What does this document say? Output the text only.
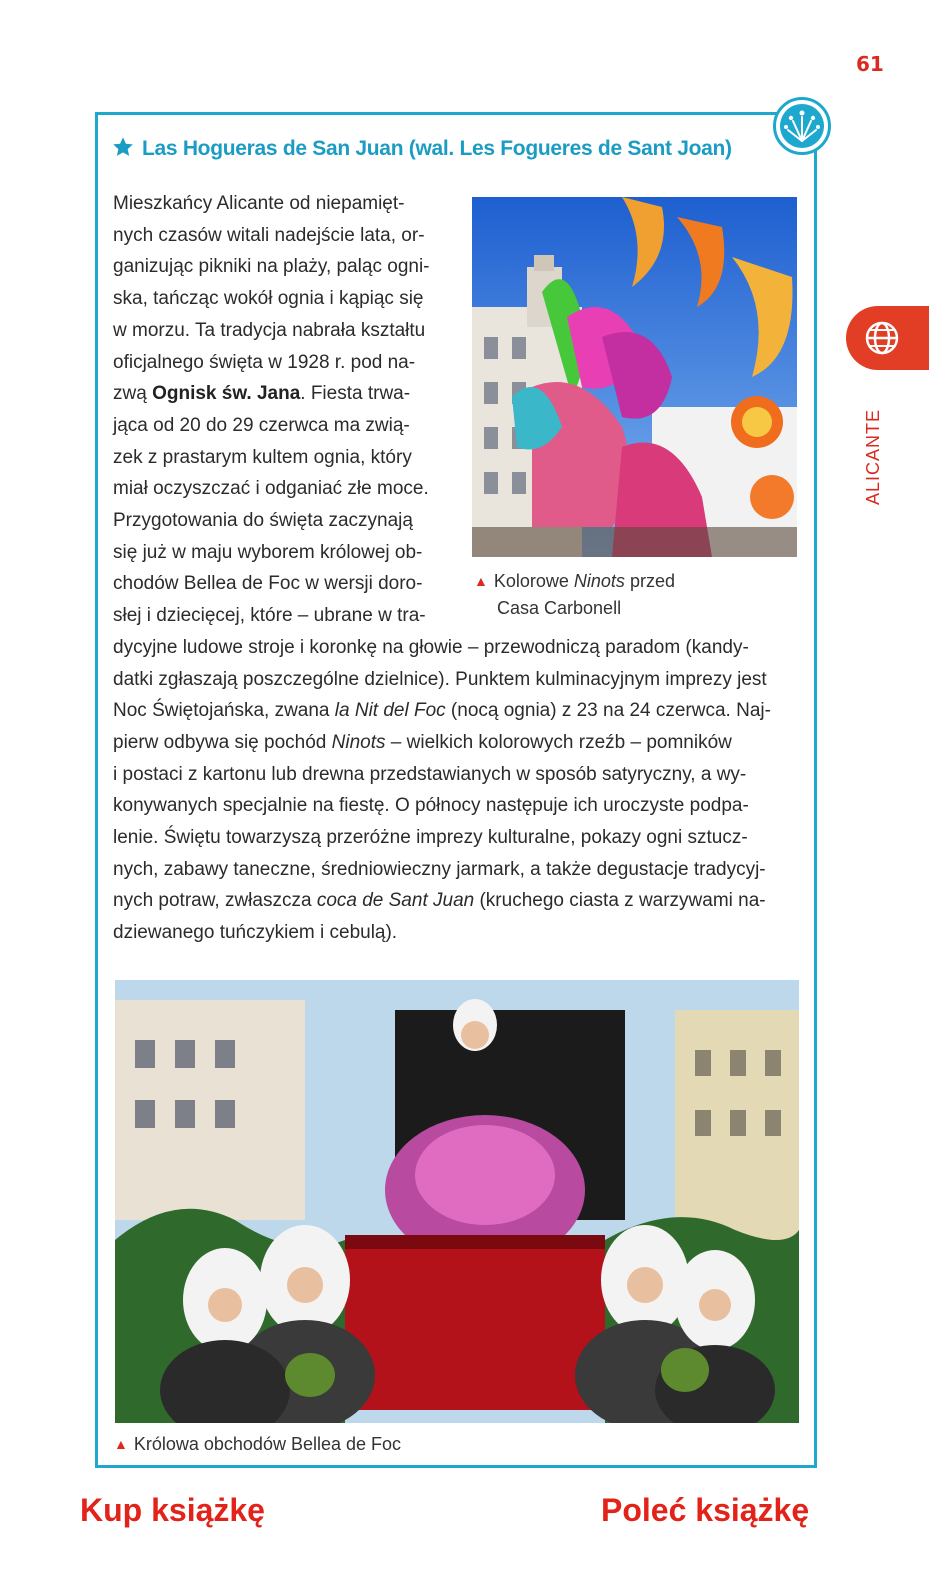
61
Las Hogueras de San Juan (wal. Les Fogueres de Sant Joan)
Mieszkańcy Alicante od niepamięt-
nych czasów witali nadejście lata, or-
ganizując pikniki na plaży, paląc ogni-
ska, tańcząc wokół ognia i kąpiąc się
w morzu. Ta tradycja nabrała kształtu
oficjalnego święta w 1928 r. pod na-
zwą Ognisk św. Jana. Fiesta trwa-
jąca od 20 do 29 czerwca ma zwią-
zek z prastarym kultem ognia, który
miał oczyszczać i odganiać złe moce.
Przygotowania do święta zaczynają
się już w maju wyborem królowej ob-
chodów Bellea de Foc w wersji doro-
słej i dziecięcej, które – ubrane w tra-
dycyjne ludowe stroje i koronkę na głowie – przewodniczą paradom (kandy-
datki zgłaszają poszczególne dzielnice). Punktem kulminacyjnym imprezy jest
Noc Świętojańska, zwana la Nit del Foc (nocą ognia) z 23 na 24 czerwca. Naj-
pierw odbywa się pochód Ninots – wielkich kolorowych rzeźb – pomników
i postaci z kartonu lub drewna przedstawianych w sposób satyryczny, a wy-
konywanych specjalnie na fiestę. O północy następuje ich uroczyste podpa-
lenie. Świętu towarzyszą przeróżne imprezy kulturalne, pokazy ogni sztucz-
nych, zabawy taneczne, średniowieczny jarmark, a także degustacje tradycyj-
nych potraw, zwłaszcza coca de Sant Juan (kruchego ciasta z warzywami na-
dziewanego tuńczykiem i cebulą).
▲ Kolorowe Ninots przed
Casa Carbonell
▲ Królowa obchodów Bellea de Foc
ALICANTE
Kup książkę	Poleć książkę
